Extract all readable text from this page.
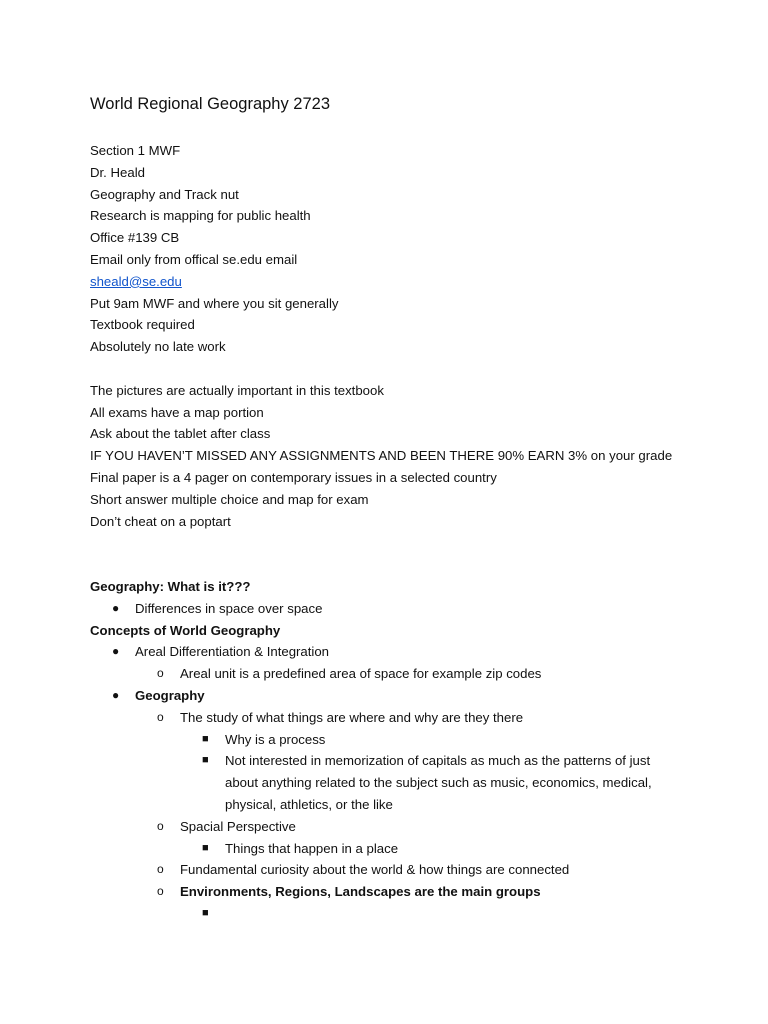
World Regional Geography 2723

Section 1 MWF

Dr. Heald

Geography and Track nut

Research is mapping for public health

Office #139 CB

Email only from offical se.edu email

sheald@se.edu

Put 9am MWF and where you sit generally

Textbook required

Absolutely no late work

The pictures are actually important in this textbook

All exams have a map portion

Ask about the tablet after class

IF YOU HAVEN’T MISSED ANY ASSIGNMENTS AND BEEN THERE 90% EARN 3% on your grade

Final paper is a 4 pager on contemporary issues in a selected country

Short answer multiple choice and map for exam

Don’t cheat on a poptart

Geography: What is it???

● Differences in space over space

Concepts of World Geography

● Areal Differentiation & Integration
o Areal unit is a predefined area of space for example zip codes
● Geography
o The study of what things are where and why are they there
■ Why is a process
■ Not interested in memorization of capitals as much as the patterns of just about anything related to the subject such as music, economics, medical, physical, athletics, or the like
o Spacial Perspective
■ Things that happen in a place
o Fundamental curiosity about the world & how things are connected
o Environments, Regions, Landscapes are the main groups
■
